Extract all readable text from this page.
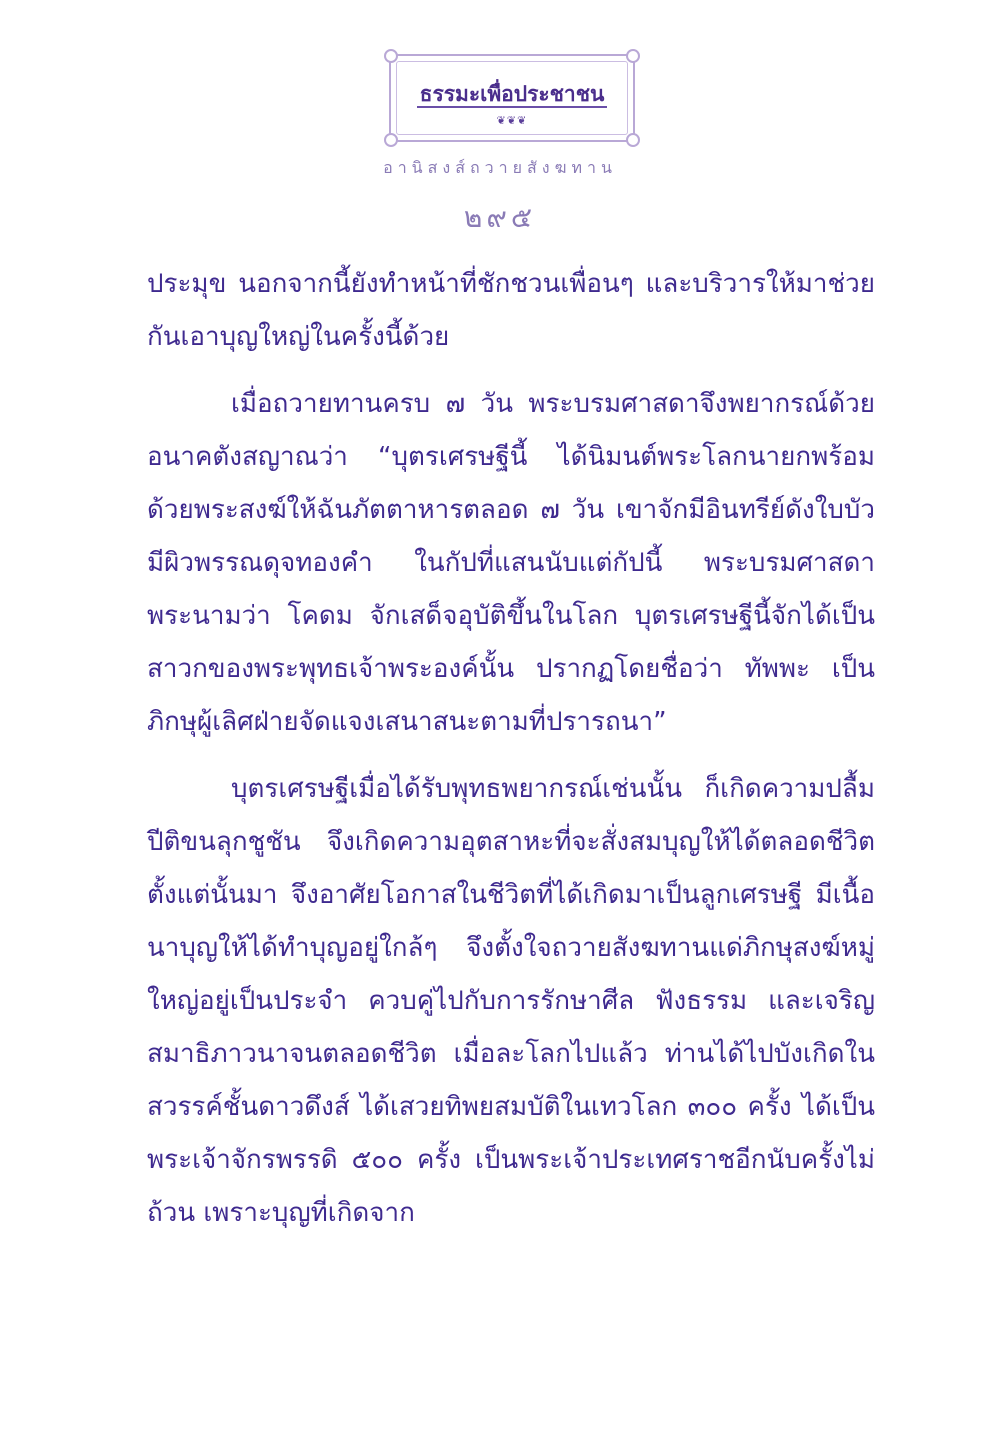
ธรรมะเพื่อประชาชน
❦❦❦
อานิสงส์ถวายสังฆทาน
๒๙๕

ประมุข นอกจากนี้ยังทำหน้าที่ชักชวนเพื่อนๆ และบริวารให้มาช่วยกันเอาบุญใหญ่ในครั้งนี้ด้วย

เมื่อถวายทานครบ ๗ วัน พระบรมศาสดาจึงพยากรณ์ด้วยอนาคตังสญาณว่า “บุตรเศรษฐีนี้ ได้นิมนต์พระโลกนายกพร้อมด้วยพระสงฆ์ให้ฉันภัตตาหารตลอด ๗ วัน เขาจักมีอินทรีย์ดังใบบัว มีผิวพรรณดุจทองคำ ในกัปที่แสนนับแต่กัปนี้ พระบรมศาสดาพระนามว่า โคดม จักเสด็จอุบัติขึ้นในโลก บุตรเศรษฐีนี้จักได้เป็นสาวกของพระพุทธเจ้าพระองค์นั้น ปรากฏโดยชื่อว่า ทัพพะ เป็นภิกษุผู้เลิศฝ่ายจัดแจงเสนาสนะตามที่ปรารถนา”

บุตรเศรษฐีเมื่อได้รับพุทธพยากรณ์เช่นนั้น ก็เกิดความปลื้มปีติขนลุกชูชัน จึงเกิดความอุตสาหะที่จะสั่งสมบุญให้ได้ตลอดชีวิต ตั้งแต่นั้นมา จึงอาศัยโอกาสในชีวิตที่ได้เกิดมาเป็นลูกเศรษฐี มีเนื้อนาบุญให้ได้ทำบุญอยู่ใกล้ๆ จึงตั้งใจถวายสังฆทานแด่ภิกษุสงฆ์หมู่ใหญ่อยู่เป็นประจำ ควบคู่ไปกับการรักษาศีล ฟังธรรม และเจริญสมาธิภาวนาจนตลอดชีวิต เมื่อละโลกไปแล้ว ท่านได้ไปบังเกิดในสวรรค์ชั้นดาวดึงส์ ได้เสวยทิพยสมบัติในเทวโลก ๓๐๐ ครั้ง ได้เป็นพระเจ้าจักรพรรดิ ๕๐๐ ครั้ง เป็นพระเจ้าประเทศราชอีกนับครั้งไม่ถ้วน เพราะบุญที่เกิดจาก
